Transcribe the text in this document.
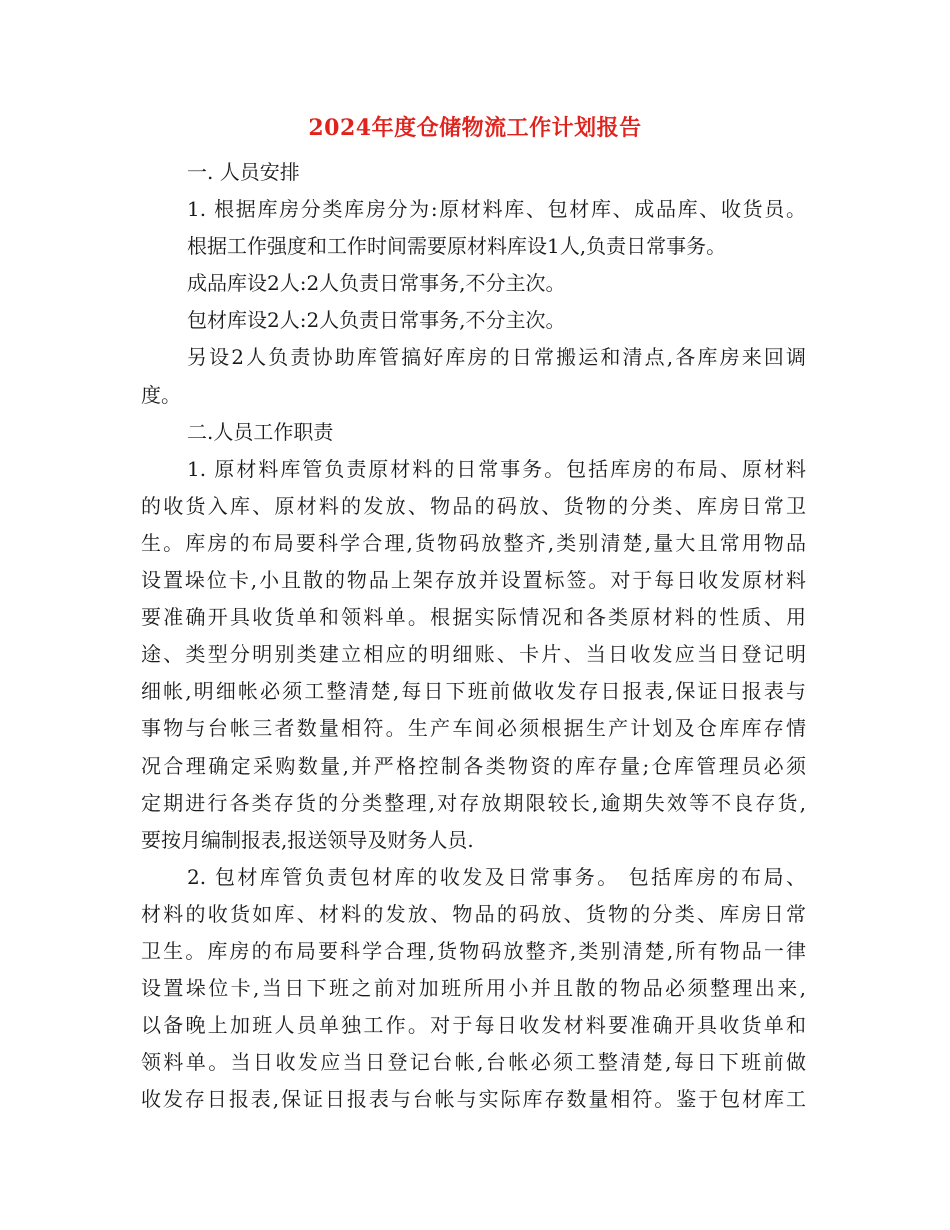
2024年度仓储物流工作计划报告
一. 人员安排
1. 根据库房分类库房分为:原材料库、包材库、成品库、收货员。
根据工作强度和工作时间需要原材料库设1人,负责日常事务。
成品库设2人:2人负责日常事务,不分主次。
包材库设2人:2人负责日常事务,不分主次。
另设2人负责协助库管搞好库房的日常搬运和清点,各库房来回调
度。
二.人员工作职责
1. 原材料库管负责原材料的日常事务。包括库房的布局、原材料
的收货入库、原材料的发放、物品的码放、货物的分类、库房日常卫
生。库房的布局要科学合理,货物码放整齐,类别清楚,量大且常用物品
设置垛位卡,小且散的物品上架存放并设置标签。对于每日收发原材料
要准确开具收货单和领料单。根据实际情况和各类原材料的性质、用
途、类型分明别类建立相应的明细账、卡片、当日收发应当日登记明
细帐,明细帐必须工整清楚,每日下班前做收发存日报表,保证日报表与
事物与台帐三者数量相符。生产车间必须根据生产计划及仓库库存情
况合理确定采购数量,并严格控制各类物资的库存量;仓库管理员必须
定期进行各类存货的分类整理,对存放期限较长,逾期失效等不良存货,
要按月编制报表,报送领导及财务人员.
2. 包材库管负责包材库的收发及日常事务。 包括库房的布局、
材料的收货如库、材料的发放、物品的码放、货物的分类、库房日常
卫生。库房的布局要科学合理,货物码放整齐,类别清楚,所有物品一律
设置垛位卡,当日下班之前对加班所用小并且散的物品必须整理出来,
以备晚上加班人员单独工作。对于每日收发材料要准确开具收货单和
领料单。当日收发应当日登记台帐,台帐必须工整清楚,每日下班前做
收发存日报表,保证日报表与台帐与实际库存数量相符。鉴于包材库工
